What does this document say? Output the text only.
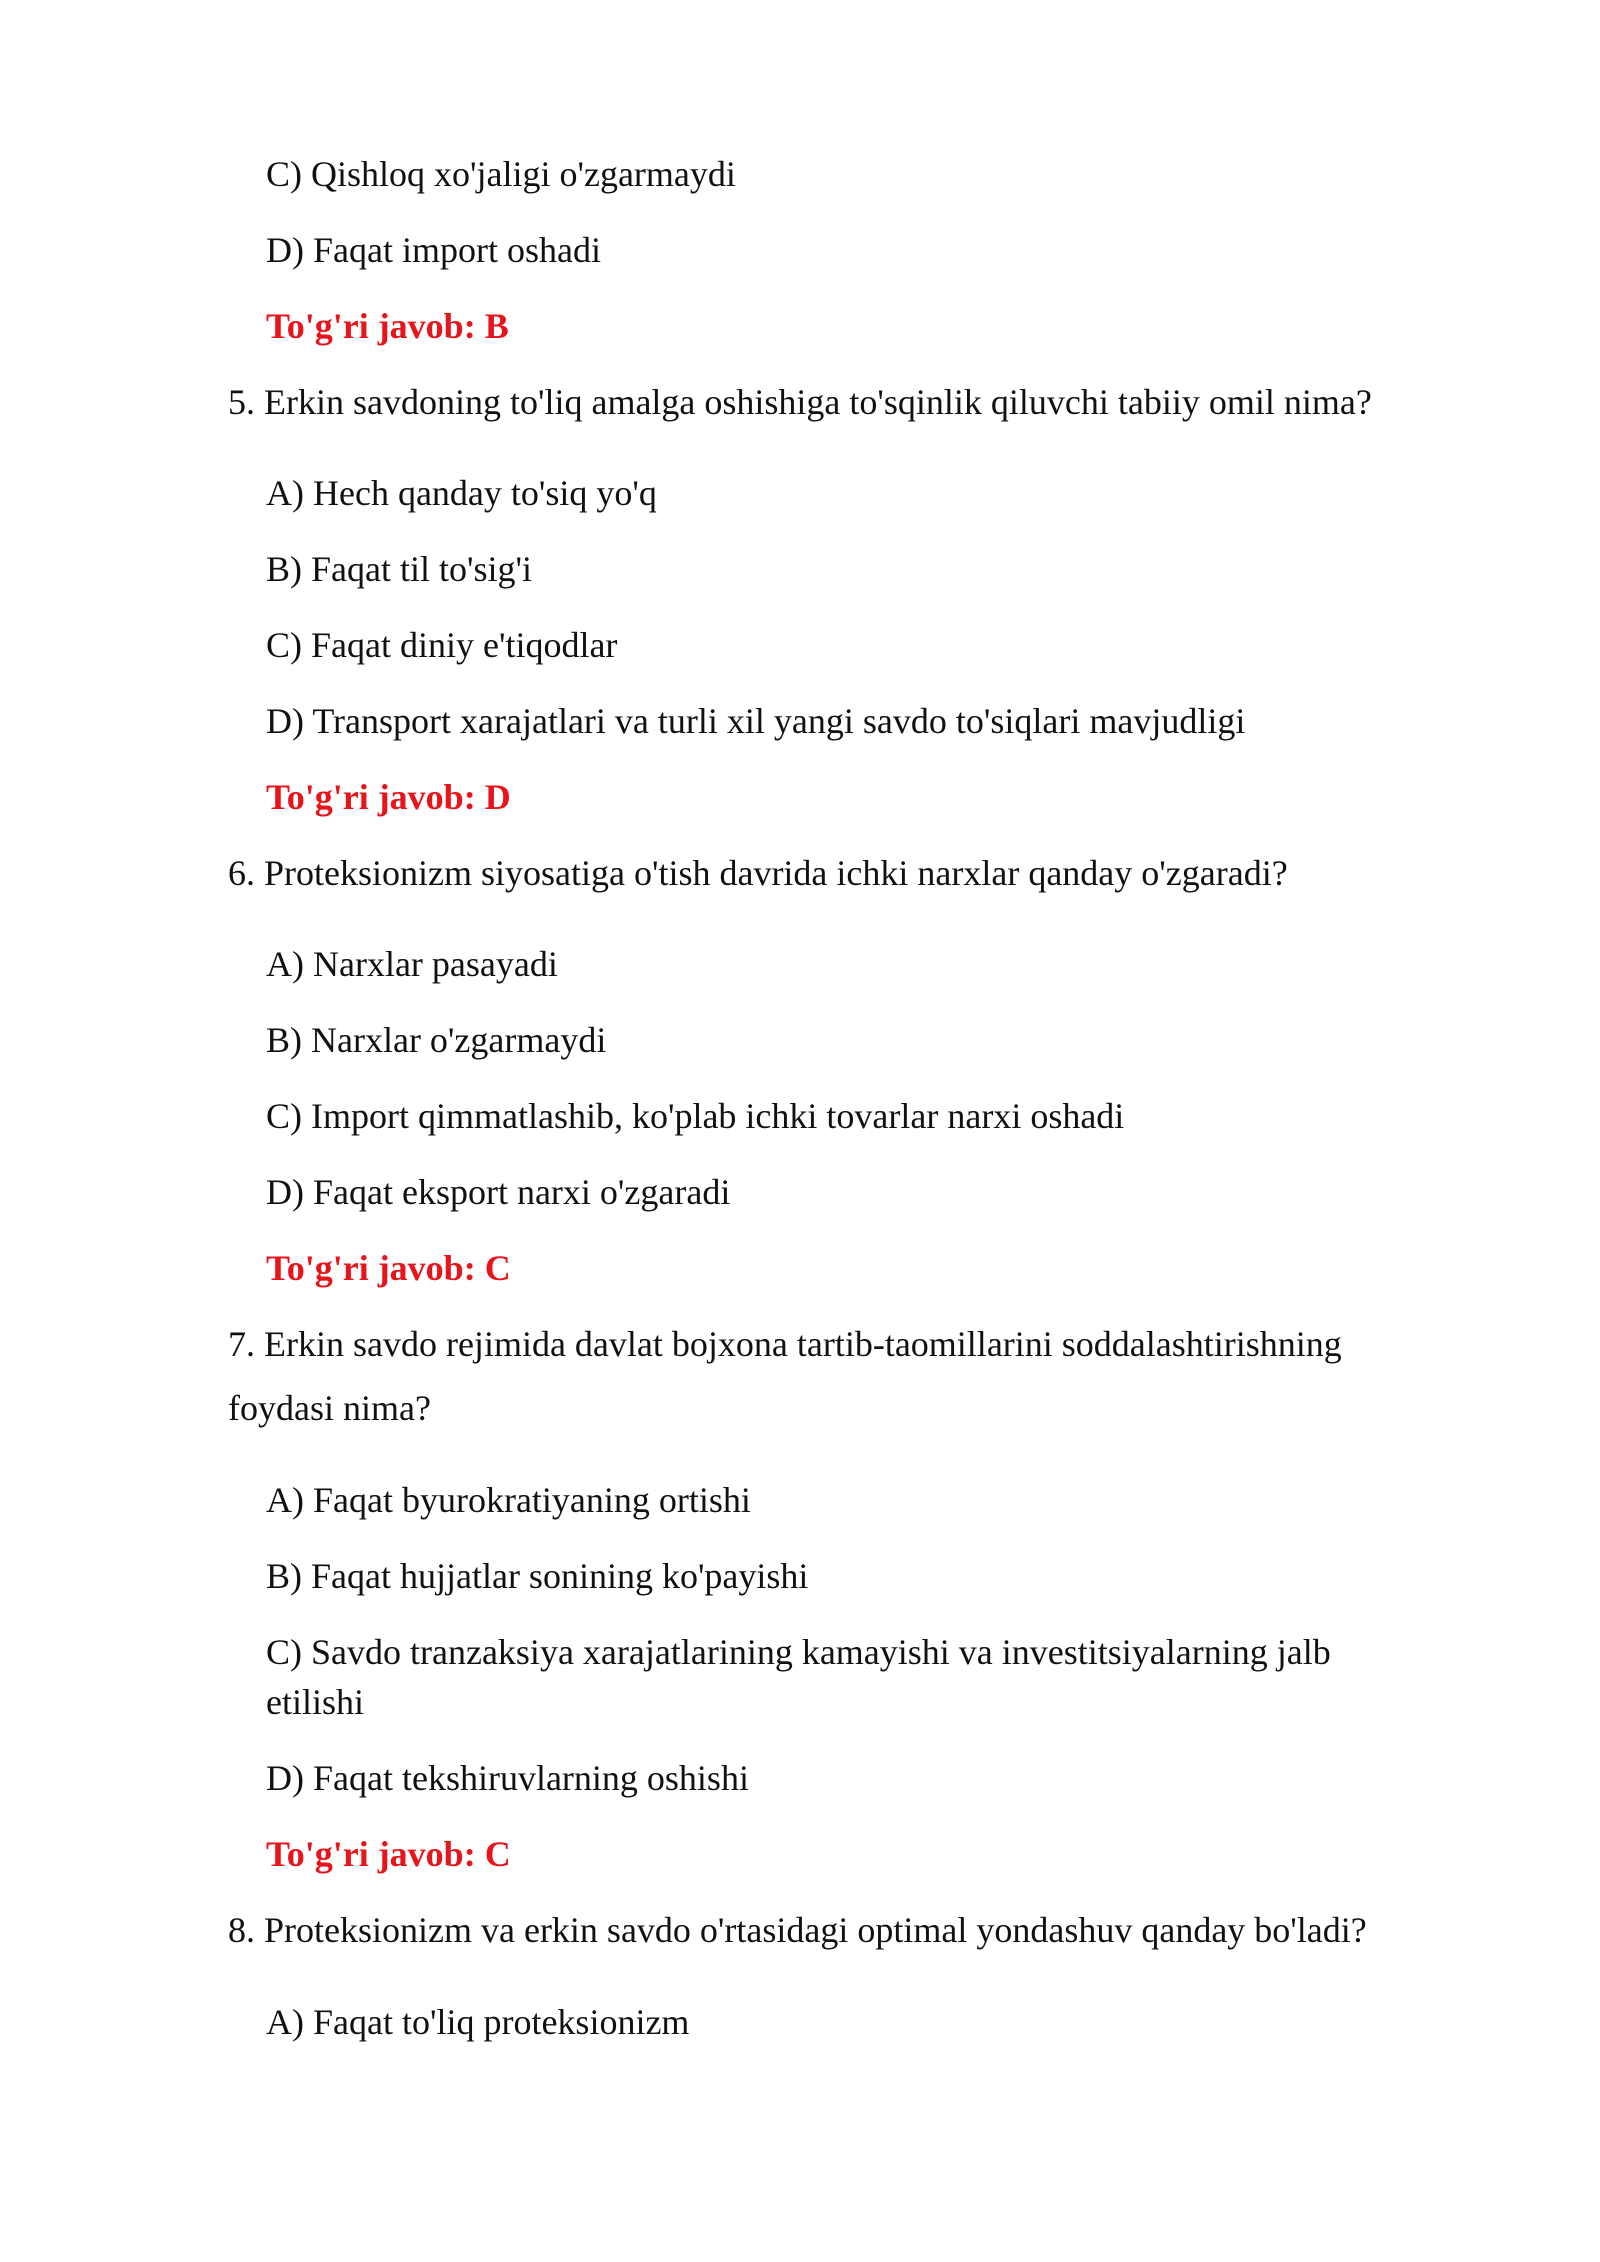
C) Qishloq xo'jaligi o'zgarmaydi
D) Faqat import oshadi
To'g'ri javob: B
5. Erkin savdoning to'liq amalga oshishiga to'sqinlik qiluvchi tabiiy omil nima?
A) Hech qanday to'siq yo'q
B) Faqat til to'sig'i
C) Faqat diniy e'tiqodlar
D) Transport xarajatlari va turli xil yangi savdo to'siqlari mavjudligi
To'g'ri javob: D
6. Proteksionizm siyosatiga o'tish davrida ichki narxlar qanday o'zgaradi?
A) Narxlar pasayadi
B) Narxlar o'zgarmaydi
C) Import qimmatlashib, ko'plab ichki tovarlar narxi oshadi
D) Faqat eksport narxi o'zgaradi
To'g'ri javob: C
7. Erkin savdo rejimida davlat bojxona tartib-taomillarini soddalashtirishning
foydasi nima?
A) Faqat byurokratiyaning ortishi
B) Faqat hujjatlar sonining ko'payishi
C) Savdo tranzaksiya xarajatlarining kamayishi va investitsiyalarning jalb
etilishi
D) Faqat tekshiruvlarning oshishi
To'g'ri javob: C
8. Proteksionizm va erkin savdo o'rtasidagi optimal yondashuv qanday bo'ladi?
A) Faqat to'liq proteksionizm
